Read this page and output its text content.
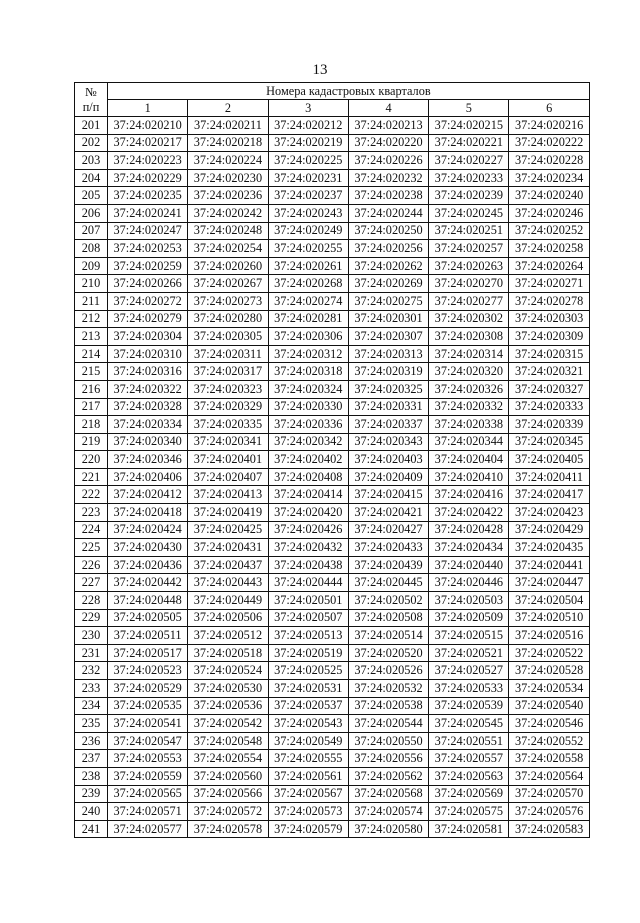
13
№
п/п	Номера кадастровых кварталов					
	1	2	3	4	5	6
201	37:24:020210	37:24:020211	37:24:020212	37:24:020213	37:24:020215	37:24:020216
202	37:24:020217	37:24:020218	37:24:020219	37:24:020220	37:24:020221	37:24:020222
203	37:24:020223	37:24:020224	37:24:020225	37:24:020226	37:24:020227	37:24:020228
204	37:24:020229	37:24:020230	37:24:020231	37:24:020232	37:24:020233	37:24:020234
205	37:24:020235	37:24:020236	37:24:020237	37:24:020238	37:24:020239	37:24:020240
206	37:24:020241	37:24:020242	37:24:020243	37:24:020244	37:24:020245	37:24:020246
207	37:24:020247	37:24:020248	37:24:020249	37:24:020250	37:24:020251	37:24:020252
208	37:24:020253	37:24:020254	37:24:020255	37:24:020256	37:24:020257	37:24:020258
209	37:24:020259	37:24:020260	37:24:020261	37:24:020262	37:24:020263	37:24:020264
210	37:24:020266	37:24:020267	37:24:020268	37:24:020269	37:24:020270	37:24:020271
211	37:24:020272	37:24:020273	37:24:020274	37:24:020275	37:24:020277	37:24:020278
212	37:24:020279	37:24:020280	37:24:020281	37:24:020301	37:24:020302	37:24:020303
213	37:24:020304	37:24:020305	37:24:020306	37:24:020307	37:24:020308	37:24:020309
214	37:24:020310	37:24:020311	37:24:020312	37:24:020313	37:24:020314	37:24:020315
215	37:24:020316	37:24:020317	37:24:020318	37:24:020319	37:24:020320	37:24:020321
216	37:24:020322	37:24:020323	37:24:020324	37:24:020325	37:24:020326	37:24:020327
217	37:24:020328	37:24:020329	37:24:020330	37:24:020331	37:24:020332	37:24:020333
218	37:24:020334	37:24:020335	37:24:020336	37:24:020337	37:24:020338	37:24:020339
219	37:24:020340	37:24:020341	37:24:020342	37:24:020343	37:24:020344	37:24:020345
220	37:24:020346	37:24:020401	37:24:020402	37:24:020403	37:24:020404	37:24:020405
221	37:24:020406	37:24:020407	37:24:020408	37:24:020409	37:24:020410	37:24:020411
222	37:24:020412	37:24:020413	37:24:020414	37:24:020415	37:24:020416	37:24:020417
223	37:24:020418	37:24:020419	37:24:020420	37:24:020421	37:24:020422	37:24:020423
224	37:24:020424	37:24:020425	37:24:020426	37:24:020427	37:24:020428	37:24:020429
225	37:24:020430	37:24:020431	37:24:020432	37:24:020433	37:24:020434	37:24:020435
226	37:24:020436	37:24:020437	37:24:020438	37:24:020439	37:24:020440	37:24:020441
227	37:24:020442	37:24:020443	37:24:020444	37:24:020445	37:24:020446	37:24:020447
228	37:24:020448	37:24:020449	37:24:020501	37:24:020502	37:24:020503	37:24:020504
229	37:24:020505	37:24:020506	37:24:020507	37:24:020508	37:24:020509	37:24:020510
230	37:24:020511	37:24:020512	37:24:020513	37:24:020514	37:24:020515	37:24:020516
231	37:24:020517	37:24:020518	37:24:020519	37:24:020520	37:24:020521	37:24:020522
232	37:24:020523	37:24:020524	37:24:020525	37:24:020526	37:24:020527	37:24:020528
233	37:24:020529	37:24:020530	37:24:020531	37:24:020532	37:24:020533	37:24:020534
234	37:24:020535	37:24:020536	37:24:020537	37:24:020538	37:24:020539	37:24:020540
235	37:24:020541	37:24:020542	37:24:020543	37:24:020544	37:24:020545	37:24:020546
236	37:24:020547	37:24:020548	37:24:020549	37:24:020550	37:24:020551	37:24:020552
237	37:24:020553	37:24:020554	37:24:020555	37:24:020556	37:24:020557	37:24:020558
238	37:24:020559	37:24:020560	37:24:020561	37:24:020562	37:24:020563	37:24:020564
239	37:24:020565	37:24:020566	37:24:020567	37:24:020568	37:24:020569	37:24:020570
240	37:24:020571	37:24:020572	37:24:020573	37:24:020574	37:24:020575	37:24:020576
241	37:24:020577	37:24:020578	37:24:020579	37:24:020580	37:24:020581	37:24:020583
